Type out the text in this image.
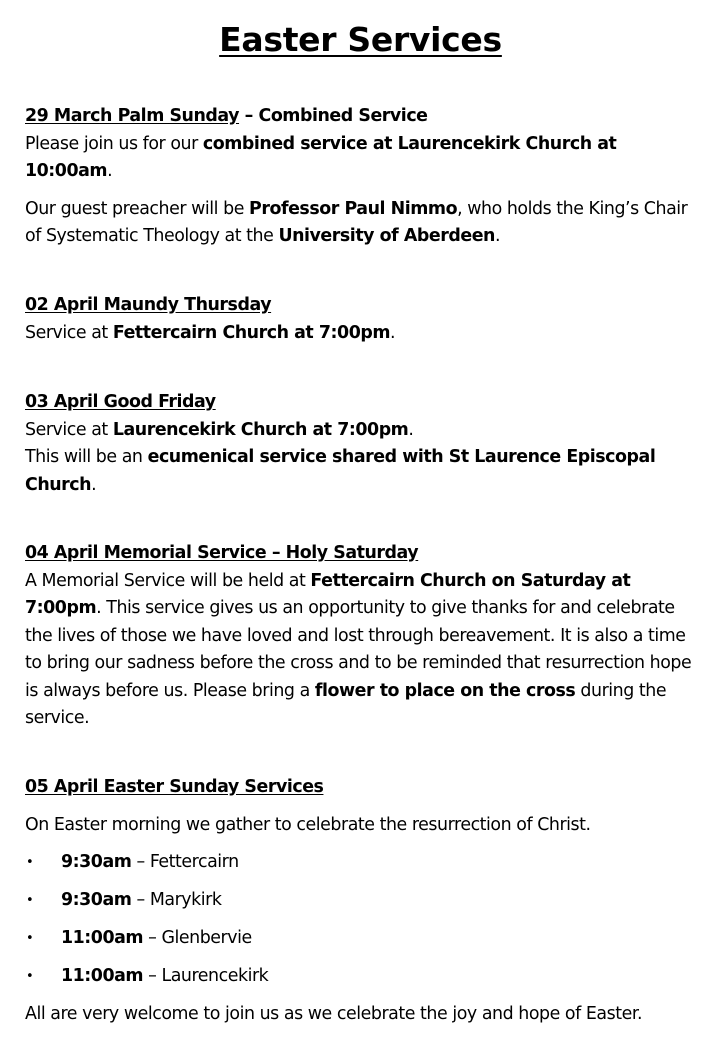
Easter Services

29 March Palm Sunday – Combined Service

Please join us for our combined service at Laurencekirk Church at 10:00am.

Our guest preacher will be Professor Paul Nimmo, who holds the King’s Chair of Systematic Theology at the University of Aberdeen.

02 April Maundy Thursday

Service at Fettercairn Church at 7:00pm.

03 April Good Friday

Service at Laurencekirk Church at 7:00pm.

This will be an ecumenical service shared with St Laurence Episcopal Church.

04 April Memorial Service – Holy Saturday

A Memorial Service will be held at Fettercairn Church on Saturday at 7:00pm. This service gives us an opportunity to give thanks for and celebrate the lives of those we have loved and lost through bereavement. It is also a time to bring our sadness before the cross and to be reminded that resurrection hope is always before us. Please bring a flower to place on the cross during the service.

05 April Easter Sunday Services

On Easter morning we gather to celebrate the resurrection of Christ.

• 9:30am – Fettercairn
• 9:30am – Marykirk
• 11:00am – Glenbervie
• 11:00am – Laurencekirk

All are very welcome to join us as we celebrate the joy and hope of Easter.
